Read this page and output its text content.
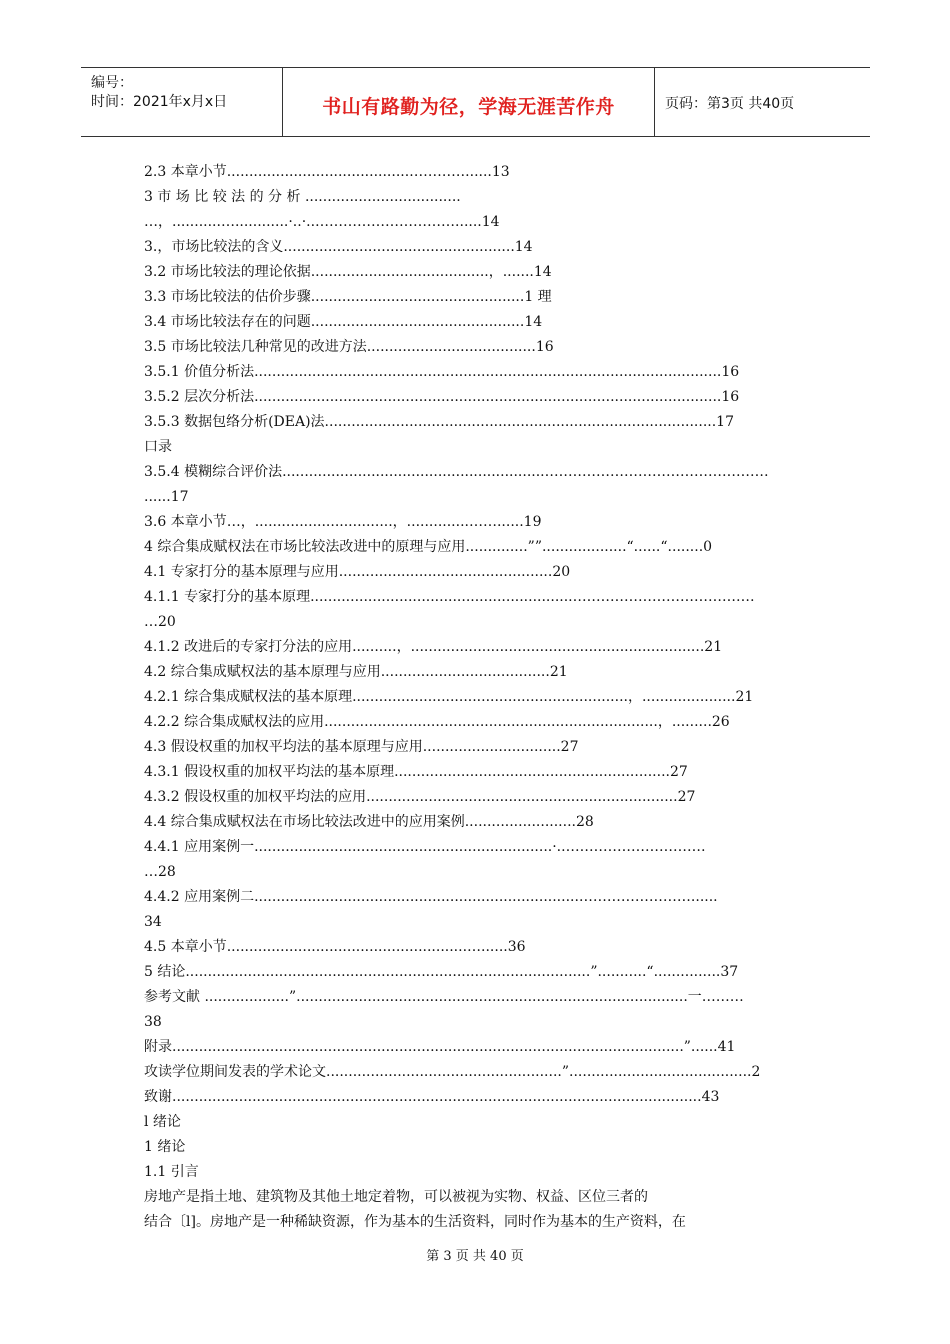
编号：
时间：2021年x月x日	书山有路勤为径，学海无涯苦作舟	页码：第3页 共40页
2.3 本章小节.........................................…………......13
3 市 场 比 较 法 的 分 析 ...................................
…，...........…............·..·..…………………………......14
3.，市场比较法的含义....................................................14
3.2 市场比较法的理论依据........................................，.......14
3.3 市场比较法的估价步骤................................................1 理
3.4 市场比较法存在的问题................................................14
3.5 市场比较法几种常见的改进方法......................................16
3.5.1 价值分析法.........................................................................................................16
3.5.2 层次分析法.........................................................................................................16
3.5.3 数据包络分析(DEA)法........................................................................................17
口录
3.5.4 模糊综合评价法...........................................................…………………………………………
......17
3.6 本章小节…，...............................，..............……......19
4 综合集成赋权法在市场比较法改进中的原理与应用..............””...................“......“........0
4.1 专家打分的基本原理与应用................................................20
4.1.1 专家打分的基本原理...........................................................…………………………………
…20
4.1.2 改进后的专家打分法的应用..........，..................................................................21
4.2 综合集成赋权法的基本原理与应用......................................21
4.2.1 综合集成赋权法的基本原理..............................................................，.....................21
4.2.2 综合集成赋权法的应用...........................................................................，.........26
4.3 假设权重的加权平均法的基本原理与应用...............................27
4.3.1 假设权重的加权平均法的基本原理..............................................................27
4.3.2 假设权重的加权平均法的应用......................................................................27
4.4 综合集成赋权法在市场比较法改进中的应用案例.........................28
4.4.1 应用案例一...................................................................·..…………………………
…28
4.4.2 应用案例二.........................................................................……………………......
34
4.5 本章小节......................................................…......36
5 结论...........................................................................................”...........“...............37
参考文献 ...................”........................................................................................一………
38
附录...................................................................................................................”......41
攻读学位期间发表的学术论文.....................................................”.........................................2
致谢.......................................................................................................................43
l 绪论
1 绪论
1.1 引言
房地产是指土地、建筑物及其他土地定着物，可以被视为实物、权益、区位三者的
结合〔l]。房地产是一种稀缺资源，作为基本的生活资料，同时作为基本的生产资料，在
第 3 页 共 40 页
